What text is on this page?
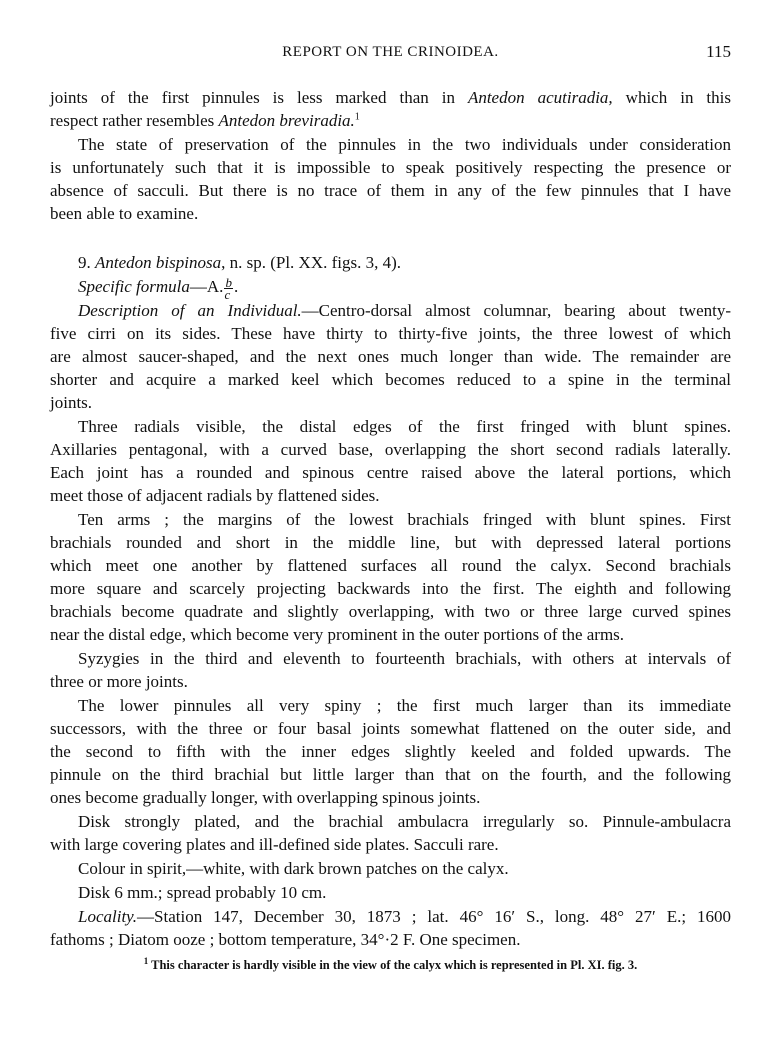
REPORT ON THE CRINOIDEA.	115
joints of the first pinnules is less marked than in Antedon acutiradia, which in this
respect rather resembles Antedon breviradia.$^1$
The state of preservation of the pinnules in the two individuals under consideration
is unfortunately such that it is impossible to speak positively respecting the presence or
absence of sacculi. But there is no trace of them in any of the few pinnules that I have
been able to examine.
9. Antedon bispinosa, n. sp. (Pl. XX. figs. 3, 4).
Specific formula—A. $\frac{b}{c}$ .
Description of an Individual.—Centro-dorsal almost columnar, bearing about twenty-
five cirri on its sides. These have thirty to thirty-five joints, the three lowest of which
are almost saucer-shaped, and the next ones much longer than wide. The remainder are
shorter and acquire a marked keel which becomes reduced to a spine in the terminal
joints.
Three radials visible, the distal edges of the first fringed with blunt spines.
Axillaries pentagonal, with a curved base, overlapping the short second radials laterally.
Each joint has a rounded and spinous centre raised above the lateral portions, which
meet those of adjacent radials by flattened sides.
Ten arms ; the margins of the lowest brachials fringed with blunt spines. First
brachials rounded and short in the middle line, but with depressed lateral portions
which meet one another by flattened surfaces all round the calyx. Second brachials
more square and scarcely projecting backwards into the first. The eighth and following
brachials become quadrate and slightly overlapping, with two or three large curved spines
near the distal edge, which become very prominent in the outer portions of the arms.
Syzygies in the third and eleventh to fourteenth brachials, with others at intervals of
three or more joints.
The lower pinnules all very spiny ; the first much larger than its immediate
successors, with the three or four basal joints somewhat flattened on the outer side, and
the second to fifth with the inner edges slightly keeled and folded upwards. The
pinnule on the third brachial but little larger than that on the fourth, and the following
ones become gradually longer, with overlapping spinous joints.
Disk strongly plated, and the brachial ambulacra irregularly so. Pinnule-ambulacra
with large covering plates and ill-defined side plates. Sacculi rare.
Colour in spirit,—white, with dark brown patches on the calyx.
Disk 6 mm.; spread probably 10 cm.
Locality.—Station 147, December 30, 1873 ; lat. 46° 16′ S., long. 48° 27′ E.; 1600
fathoms ; Diatom ooze ; bottom temperature, 34°·2 F. One specimen.
$^1$ This character is hardly visible in the view of the calyx which is represented in Pl. XI. fig. 3.
